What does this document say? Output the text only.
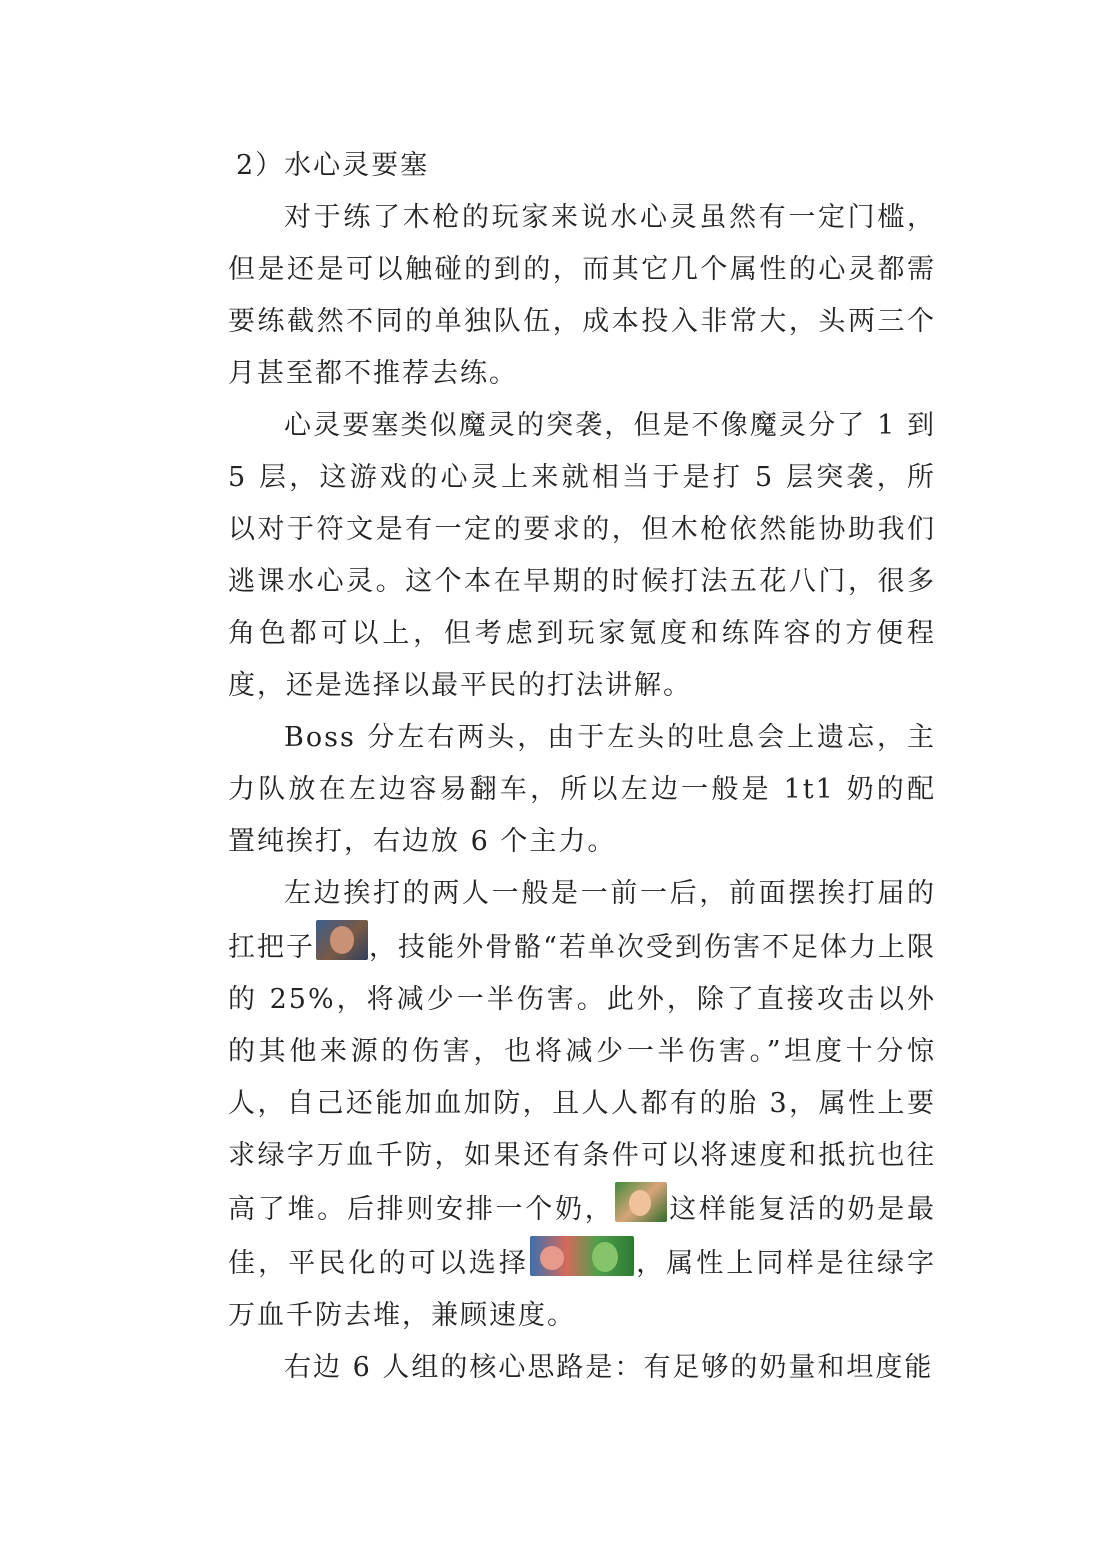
2）水心灵要塞

对于练了木枪的玩家来说水心灵虽然有一定门槛，但是还是可以触碰的到的，而其它几个属性的心灵都需要练截然不同的单独队伍，成本投入非常大，头两三个月甚至都不推荐去练。

心灵要塞类似魔灵的突袭，但是不像魔灵分了 1 到 5 层，这游戏的心灵上来就相当于是打 5 层突袭，所以对于符文是有一定的要求的，但木枪依然能协助我们逃课水心灵。这个本在早期的时候打法五花八门，很多角色都可以上，但考虑到玩家氪度和练阵容的方便程度，还是选择以最平民的打法讲解。

Boss 分左右两头，由于左头的吐息会上遗忘，主力队放在左边容易翻车，所以左边一般是 1t1 奶的配置纯挨打，右边放 6 个主力。

左边挨打的两人一般是一前一后，前面摆挨打届的扛把子 ，技能外骨骼“若单次受到伤害不足体力上限的 25%，将减少一半伤害。此外，除了直接攻击以外的其他来源的伤害，也将减少一半伤害。”坦度十分惊人，自己还能加血加防，且人人都有的胎 3，属性上要求绿字万血千防，如果还有条件可以将速度和抵抗也往高了堆。后排则安排一个奶， 这样能复活的奶是最佳，平民化的可以选择	，属性上同样是往绿字万血千防去堆，兼顾速度。

右边 6 人组的核心思路是：有足够的奶量和坦度能
